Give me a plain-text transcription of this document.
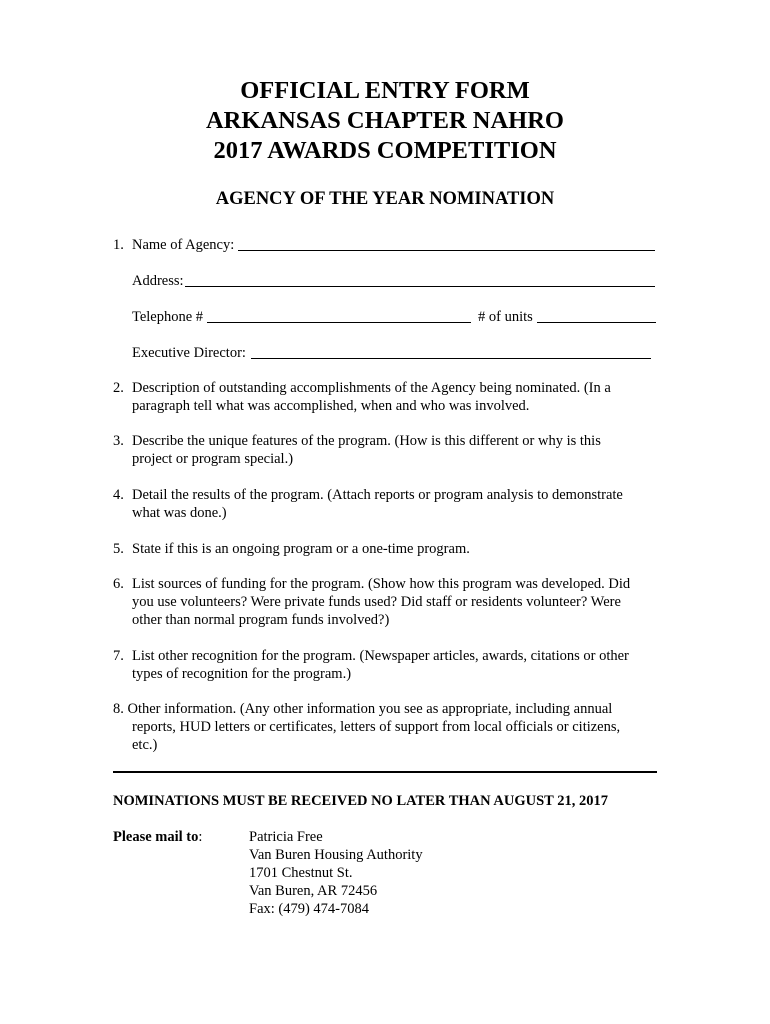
OFFICIAL ENTRY FORM
ARKANSAS CHAPTER NAHRO
2017 AWARDS COMPETITION
AGENCY OF THE YEAR NOMINATION
1. Name of Agency:
Address:
Telephone #	# of units
Executive Director:
2. Description of outstanding accomplishments of the Agency being nominated. (In a
paragraph tell what was accomplished, when and who was involved.
3. Describe the unique features of the program. (How is this different or why is this
project or program special.)
4. Detail the results of the program. (Attach reports or program analysis to demonstrate
what was done.)
5. State if this is an ongoing program or a one-time program.
6. List sources of funding for the program. (Show how this program was developed. Did
you use volunteers? Were private funds used? Did staff or residents volunteer? Were
other than normal program funds involved?)
7. List other recognition for the program. (Newspaper articles, awards, citations or other
types of recognition for the program.)
8. Other information. (Any other information you see as appropriate, including annual
reports, HUD letters or certificates, letters of support from local officials or citizens,
etc.)
NOMINATIONS MUST BE RECEIVED NO LATER THAN AUGUST 21, 2017
Please mail to:	Patricia Free
Van Buren Housing Authority
1701 Chestnut St.
Van Buren, AR 72456
Fax: (479) 474-7084
